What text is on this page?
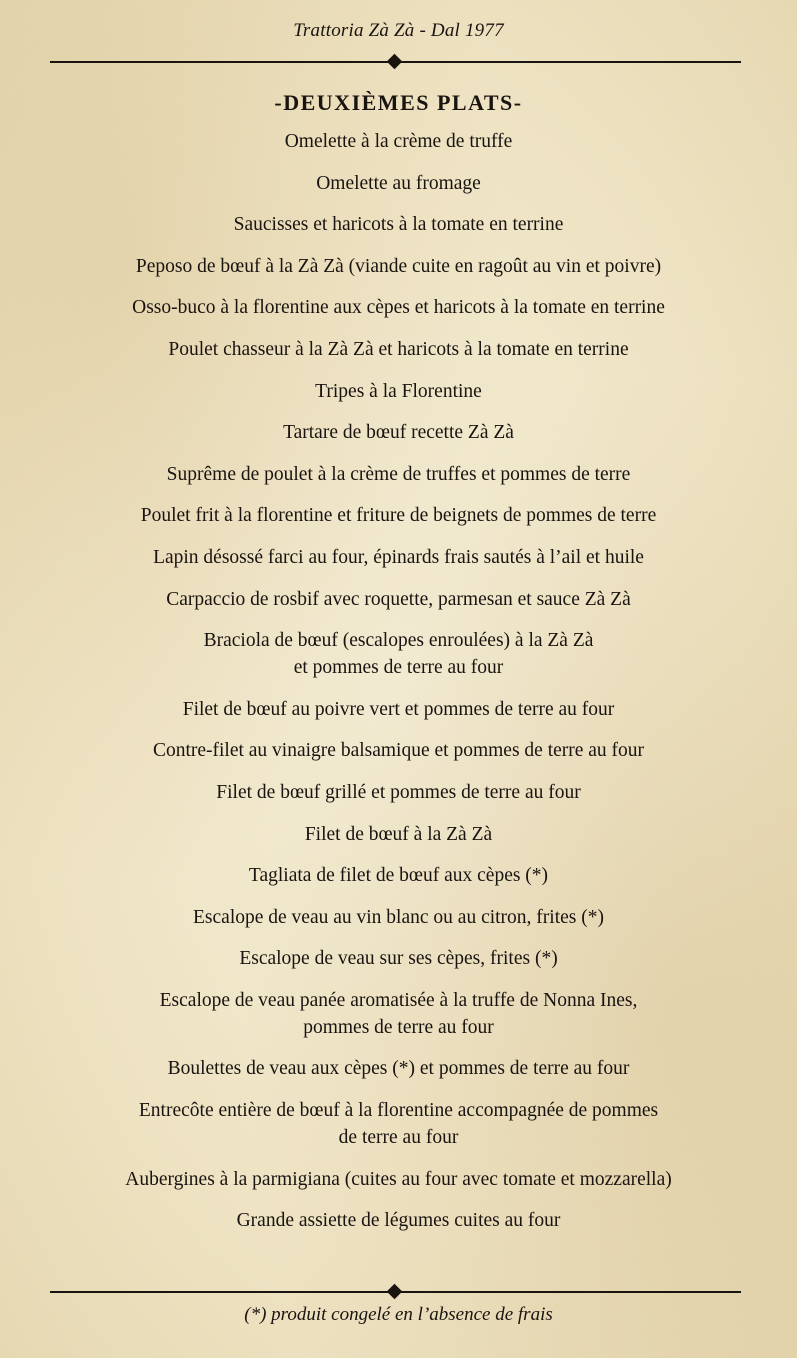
Trattoria Zà Zà - Dal 1977
-DEUXIÈMES PLATS-
Omelette à la crème de truffe
Omelette au fromage
Saucisses et haricots à la tomate en terrine
Peposo de bœuf à la Zà Zà (viande cuite en ragoût au vin et poivre)
Osso-buco à la florentine aux cèpes et haricots à la tomate en terrine
Poulet chasseur à la Zà Zà et haricots à la tomate en terrine
Tripes à la Florentine
Tartare de bœuf recette Zà Zà
Suprême de poulet à la crème de truffes et pommes de terre
Poulet frit à la florentine et friture de beignets de pommes de terre
Lapin désossé farci au four, épinards frais sautés à l’ail et huile
Carpaccio de rosbif avec roquette, parmesan et sauce Zà Zà
Braciola de bœuf (escalopes enroulées) à la Zà Zà
et pommes de terre au four
Filet de bœuf au poivre vert et pommes de terre au four
Contre-filet au vinaigre balsamique et pommes de terre au four
Filet de bœuf grillé et pommes de terre au four
Filet de bœuf à la Zà Zà
Tagliata de filet de bœuf aux cèpes (*)
Escalope de veau au vin blanc ou au citron, frites (*)
Escalope de veau sur ses cèpes, frites (*)
Escalope de veau panée aromatisée à la truffe de Nonna Ines,
pommes de terre au four
Boulettes de veau aux cèpes (*) et pommes de terre au four
Entrecôte entière de bœuf à la florentine accompagnée de pommes
de terre au four
Aubergines à la parmigiana (cuites au four avec tomate et mozzarella)
Grande assiette de légumes cuites au four
(*) produit congelé en l’absence de frais
